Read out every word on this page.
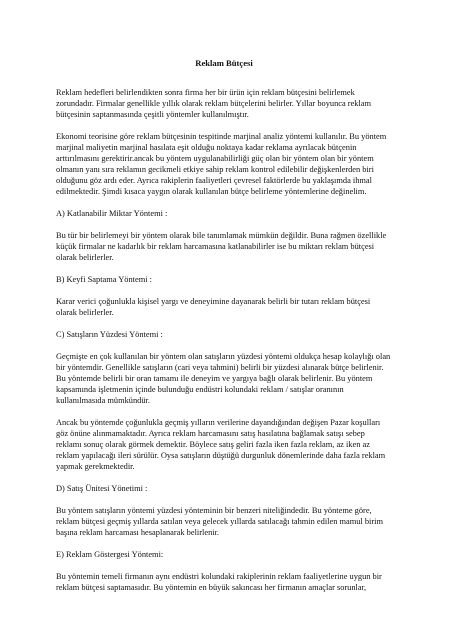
Reklam Bütçesi

Reklam hedefleri belirlendikten sonra firma her bir ürün için reklam bütçesini belirlemek zorundadır. Firmalar genellikle yıllık olarak reklam bütçelerini belirler. Yıllar boyunca reklam bütçesinin saptanmasında çeşitli yöntemler kullanılmıştır.

Ekonomi teorisine göre reklam bütçesinin tespitinde marjinal analiz yöntemi kullanılır. Bu yöntem marjinal maliyetin marjinal hasılata eşit olduğu noktaya kadar reklama ayrılacak bütçenin arttırılmasını gerektirir.ancak bu yöntem uygulanabilirliği güç olan bir yöntem olan bir yöntem olmanın yanı sıra reklamın gecikmeli etkiye sahip reklam kontrol edilebilir değişkenlerden biri olduğunu göz ardı eder. Ayrıca rakiplerin faaliyetleri çevresel faktörlerde bu yaklaşımda ihmal edilmektedir. Şimdi kısaca yaygın olarak kullanılan bütçe belirleme yöntemlerine değinelim.

A) Katlanabilir Miktar Yöntemi :

Bu tür bir belirlemeyi bir yöntem olarak bile tanımlamak mümkün değildir. Buna rağmen özellikle küçük firmalar ne kadarlık bir reklam harcamasına katlanabilirler ise bu miktarı reklam bütçesi olarak belirlerler.

B) Keyfi Saptama Yöntemi :

Karar verici çoğunlukla kişisel yargı ve deneyimine dayanarak belirli bir tutarı reklam bütçesi olarak belirlerler.

C) Satışların Yüzdesi Yöntemi :

Geçmişte en çok kullanılan bir yöntem olan satışların yüzdesi yöntemi oldukça hesap kolaylığı olan bir yöntemdir. Genellikle satışların (cari veya tahmini) belirli bir yüzdesi alınarak bütçe belirlenir. Bu yöntemde belirli bir oran tamamı ile deneyim ve yargıya bağlı olarak belirlenir. Bu yöntem kapsamında işletmenin içinde bulunduğu endüstri kolundaki reklam / satışlar oranının kullanılmasıda mümkündür.

Ancak bu yöntemde çoğunlukla geçmiş yılların verilerine dayandığından değişen Pazar koşulları göz önüne alınmamaktadır. Ayrıca reklam harcamasını satış hasılatına bağlamak satışı sebep reklamı sonuç olarak görmek demektir. Böylece satış geliri fazla iken fazla reklam, az iken az reklam yapılacağı ileri sürülür. Oysa satışların düştüğü durgunluk dönemlerinde daha fazla reklam yapmak gerekmektedir.

D) Satış Ünitesi Yönetimi :

Bu yöntem satışların yöntemi yüzdesi yönteminin bir benzeri niteliğindedir. Bu yönteme göre, reklam bütçesi geçmiş yıllarda satılan veya gelecek yıllarda satılacağı tahmin edilen mamul birim başına reklam harcaması hesaplanarak belirlenir.

E) Reklam Göstergesi Yöntemi:

Bu yöntemin temeli firmanın aynı endüstri kolundaki rakiplerinin reklam faaliyetlerine uygun bir reklam bütçesi saptamasıdır. Bu yöntemin en büyük sakıncası her firmanın amaçlar sorunlar,
